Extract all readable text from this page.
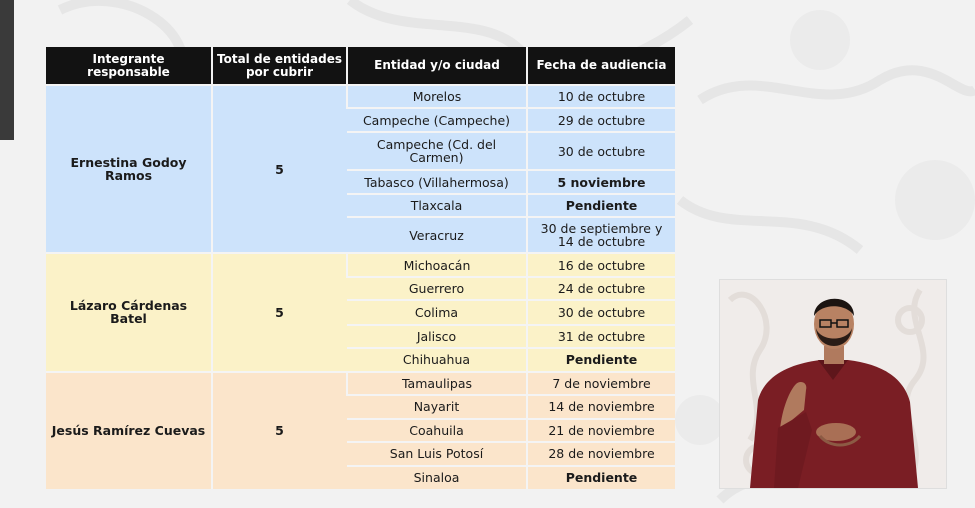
Integrante responsable	Total de entidades por cubrir	Entidad y/o ciudad	Fecha de audiencia
Ernestina Godoy Ramos	5	Morelos	10 de octubre
		Campeche (Campeche)	29 de octubre
		Campeche (Cd. del Carmen)	30 de octubre
		Tabasco (Villahermosa)	5 noviembre
		Tlaxcala	Pendiente
		Veracruz	30 de septiembre y 14 de octubre
Lázaro Cárdenas Batel	5	Michoacán	16 de octubre
		Guerrero	24 de octubre
		Colima	30 de octubre
		Jalisco	31 de octubre
		Chihuahua	Pendiente
Jesús Ramírez Cuevas	5	Tamaulipas	7 de noviembre
		Nayarit	14 de noviembre
		Coahuila	21 de noviembre
		San Luis Potosí	28 de noviembre
		Sinaloa	Pendiente
